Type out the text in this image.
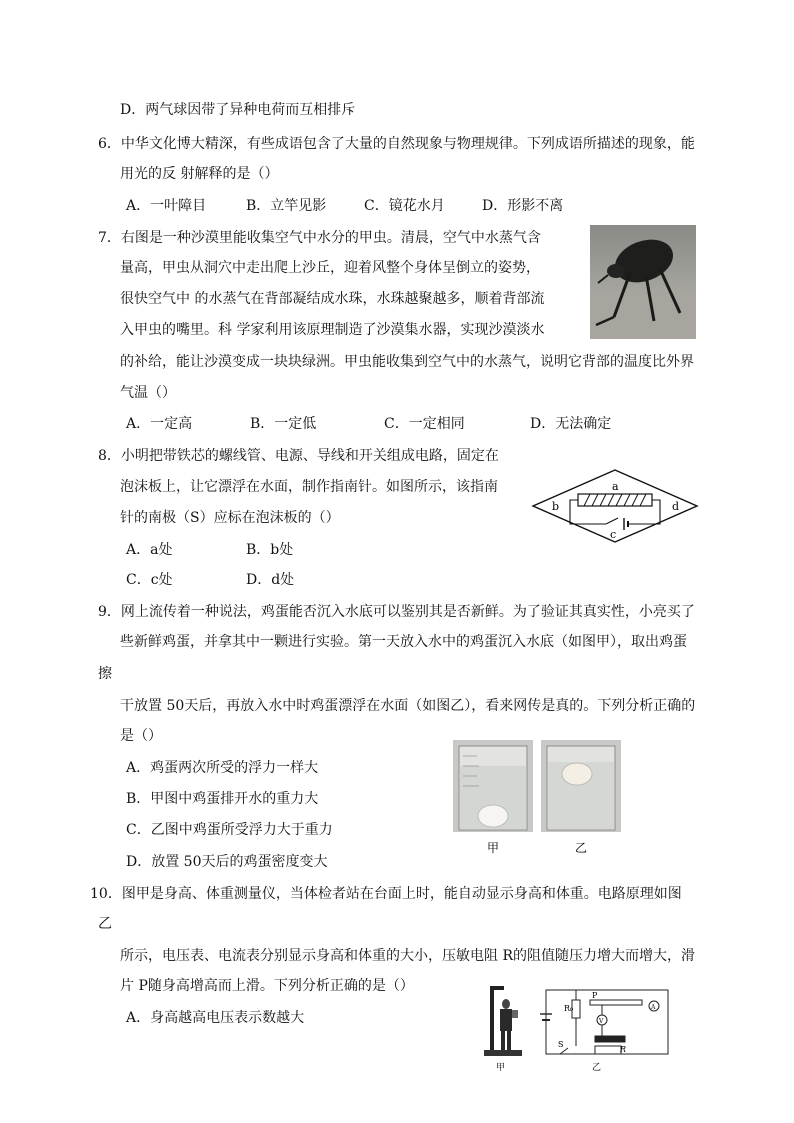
D．两气球因带了异种电荷而互相排斥
6．中华文化博大精深，有些成语包含了大量的自然现象与物理规律。下列成语所描述的现象，能
用光的反 射解释的是（）
A．一叶障目	B．立竿见影	C．镜花水月	D．形影不离
7．右图是一种沙漠里能收集空气中水分的甲虫。清晨，空气中水蒸气含
量高，甲虫从洞穴中走出爬上沙丘，迎着风整个身体呈倒立的姿势，
很快空气中 的水蒸气在背部凝结成水珠，水珠越聚越多，顺着背部流
入甲虫的嘴里。科 学家利用该原理制造了沙漠集水器，实现沙漠淡水
的补给，能让沙漠变成一块块绿洲。甲虫能收集到空气中的水蒸气，说明它背部的温度比外界
气温（）
A．一定高	B．一定低	C．一定相同	D．无法确定
8．小明把带铁芯的螺线管、电源、导线和开关组成电路，固定在
泡沫板上，让它漂浮在水面，制作指南针。如图所示，该指南
针的南极（S）应标在泡沫板的（）
A．a处	B．b处
C．c处	D．d处
a
b
c
d
9．网上流传着一种说法，鸡蛋能否沉入水底可以鉴别其是否新鲜。为了验证其真实性，小亮买了
些新鲜鸡蛋，并拿其中一颗进行实验。第一天放入水中的鸡蛋沉入水底（如图甲），取出鸡蛋
擦
干放置 50天后，再放入水中时鸡蛋漂浮在水面（如图乙），看来网传是真的。下列分析正确的
是（）
A．鸡蛋两次所受的浮力一样大
B．甲图中鸡蛋排开水的重力大
C．乙图中鸡蛋所受浮力大于重力
D．放置 50天后的鸡蛋密度变大
甲	乙
10．图甲是身高、体重测量仪，当体检者站在台面上时，能自动显示身高和体重。电路原理如图
乙
所示，电压表、电流表分别显示身高和体重的大小，压敏电阻 R的阻值随压力增大而增大，滑
片 P随身高增高而上滑。下列分析正确的是（）
A．身高越高电压表示数越大
甲
R₀
P
V
A
S
R
乙
